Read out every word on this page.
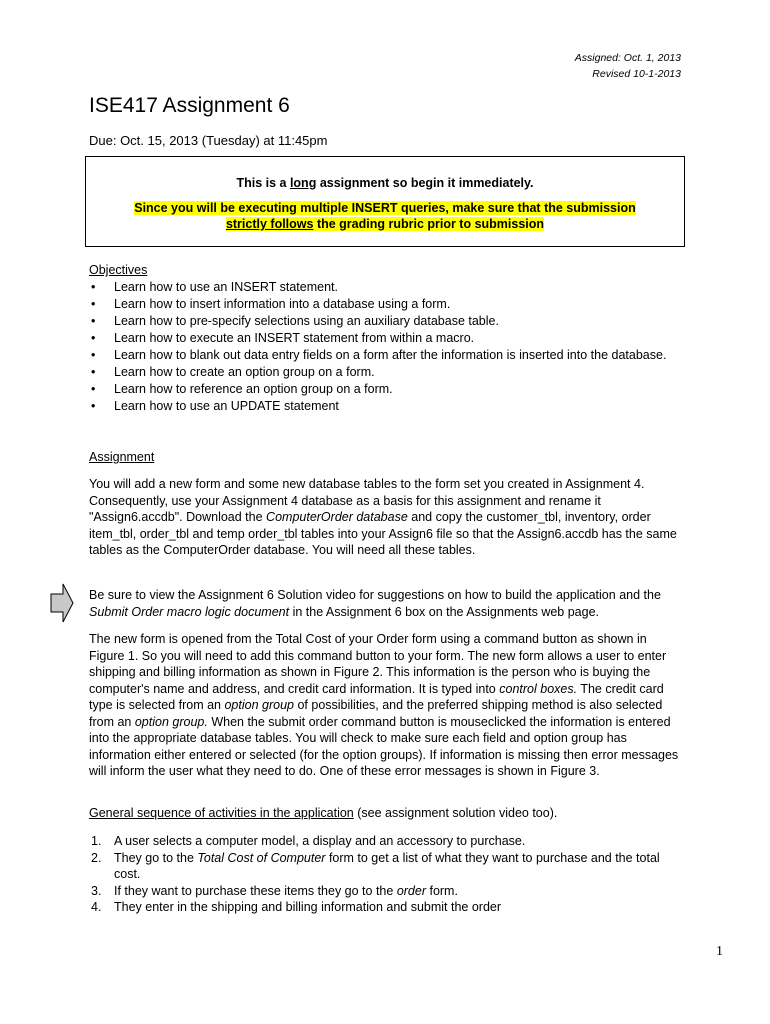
Assigned: Oct. 1, 2013
Revised 10-1-2013
ISE417 Assignment 6
Due: Oct. 15, 2013 (Tuesday) at 11:45pm
This is a long assignment so begin it immediately.
Since you will be executing multiple INSERT queries, make sure that the submission
strictly follows the grading rubric prior to submission
Objectives
• Learn how to use an INSERT statement.
• Learn how to insert information into a database using a form.
• Learn how to pre-specify selections using an auxiliary database table.
• Learn how to execute an INSERT statement from within a macro.
• Learn how to blank out data entry fields on a form after the information is inserted into the database.
• Learn how to create an option group on a form.
• Learn how to reference an option group on a form.
• Learn how to use an UPDATE statement
Assignment

You will add a new form and some new database tables to the form set you created in Assignment 4. Consequently, use your Assignment 4 database as a basis for this assignment and rename it "Assign6.accdb". Download the ComputerOrder database and copy the customer_tbl, inventory, order item_tbl, order_tbl and temp order_tbl tables into your Assign6 file so that the Assign6.accdb has the same tables as the ComputerOrder database. You will need all these tables.

Be sure to view the Assignment 6 Solution video for suggestions on how to build the application and the Submit Order macro logic document in the Assignment 6 box on the Assignments web page.

The new form is opened from the Total Cost of your Order form using a command button as shown in Figure 1. So you will need to add this command button to your form. The new form allows a user to enter shipping and billing information as shown in Figure 2. This information is the person who is buying the computer's name and address, and credit card information. It is typed into control boxes. The credit card type is selected from an option group of possibilities, and the preferred shipping method is also selected from an option group. When the submit order command button is mouseclicked the information is entered into the appropriate database tables. You will check to make sure each field and option group has information either entered or selected (for the option groups). If information is missing then error messages will inform the user what they need to do. One of these error messages is shown in Figure 3.

General sequence of activities in the application (see assignment solution video too).
1. A user selects a computer model, a display and an accessory to purchase.
2. They go to the Total Cost of Computer form to get a list of what they want to purchase and the total cost.
3. If they want to purchase these items they go to the order form.
4. They enter in the shipping and billing information and submit the order
1
